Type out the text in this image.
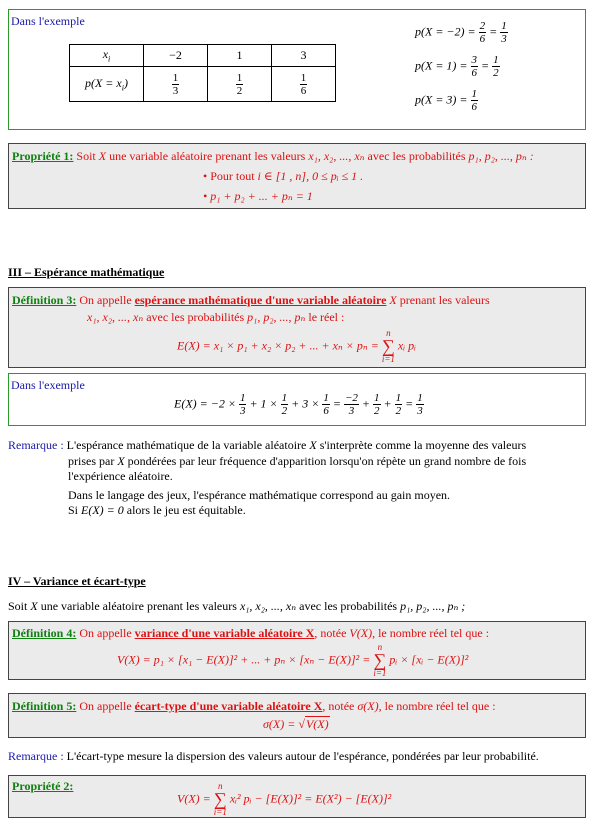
Dans l'exemple
$x_i$	−2	1	3
$p(X = x_i)$	$\frac{1}{3}$	$\frac{1}{2}$	$\frac{1}{6}$
$p(X = -2) = \frac{2}{6} = \frac{1}{3}$
$p(X = 1) = \frac{3}{6} = \frac{1}{2}$
$p(X = 3) = \frac{1}{6}$
Propriété 1: Soit X une variable aléatoire prenant les valeurs x₁, x₂, ..., xₙ avec les probabilités p₁, p₂, ..., pₙ :
• Pour tout i ∈ [1 , n], 0 ≤ pᵢ ≤ 1 .
• p₁ + p₂ + ... + pₙ = 1
III – Espérance mathématique
Définition 3: On appelle espérance mathématique d'une variable aléatoire X prenant les valeurs
x₁, x₂, ..., xₙ avec les probabilités p₁, p₂, ..., pₙ le réel :
E(X) = x₁ × p₁ + x₂ × p₂ + ... + xₙ × pₙ = n
∑
i=1 xᵢ pᵢ
Dans l'exemple
$E(X) = -2 \times \frac{1}{3} + 1 \times \frac{1}{2} + 3 \times \frac{1}{6} = \frac{-2}{3} + \frac{1}{2} + \frac{1}{2} = \frac{1}{3}$
Remarque : L'espérance mathématique de la variable aléatoire X s'interprète comme la moyenne des valeurs
prises par X pondérées par leur fréquence d'apparition lorsqu'on répète un grand nombre de fois
l'expérience aléatoire.
Dans le langage des jeux, l'espérance mathématique correspond au gain moyen.
Si E(X) = 0 alors le jeu est équitable.
IV – Variance et écart-type
Soit X une variable aléatoire prenant les valeurs x₁, x₂, ..., xₙ avec les probabilités p₁, p₂, ..., pₙ ;
Définition 4: On appelle variance d'une variable aléatoire X, notée V(X), le nombre réel tel que :
V(X) = p₁ × [x₁ − E(X)]² + ... + pₙ × [xₙ − E(X)]² = n
∑
i=1 pᵢ × [xᵢ − E(X)]²
Définition 5: On appelle écart-type d'une variable aléatoire X, notée σ(X), le nombre réel tel que :
σ(X) = √V(X)
Remarque : L'écart-type mesure la dispersion des valeurs autour de l'espérance, pondérées par leur probabilité.
Propriété 2:
V(X) = n
∑
i=1 xᵢ² pᵢ − [E(X)]² = E(X²) − [E(X)]²
